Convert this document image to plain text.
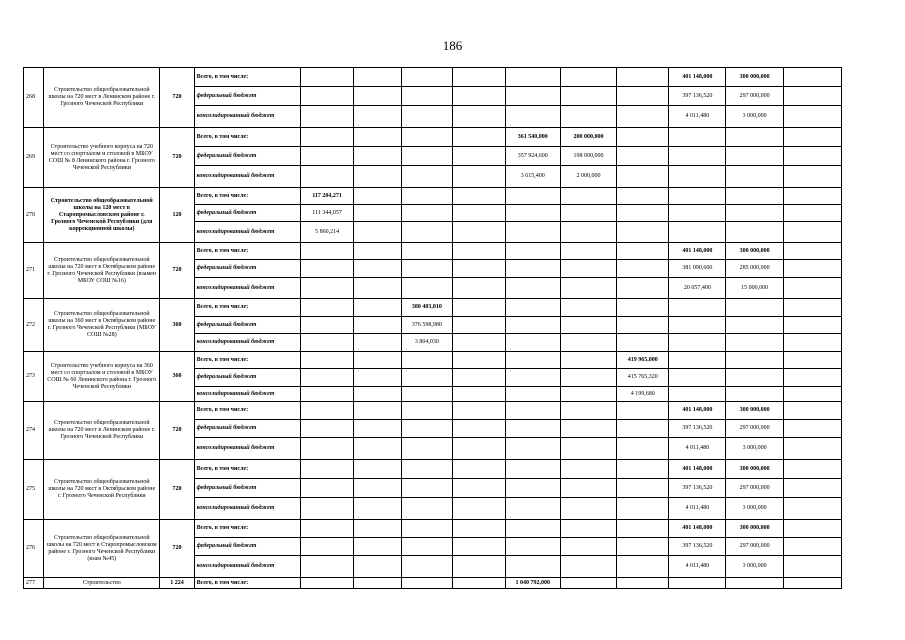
186
268	Строительство общеобразовательной школы на 720 мест в Ленинском районе г. Грозного Чеченской Республики	720	Всего, в том числе:								401 148,000	300 000,000	
			федеральный бюджет								397 136,520	297 000,000	
			консолидированный бюджет								4 011,480	3 000,000	
269	Строительство учебного корпуса на 720 мест со спортзалом и столовой в МБОУ СОШ № 8 Ленинского района г. Грозного Чеченской Республики	720	Всего, в том числе:					361 540,000	200 000,000				
			федеральный бюджет					357 924,600	198 000,000				
			консолидированный бюджет					3 615,400	2 000,000				
270	Строительство общеобразовательной школы на 120 мест в Старопромысловском районе г. Грозного Чеченской Республики (для коррекционной школы)	120	Всего, в том числе:	117 204,271									
			федеральный бюджет	111 344,057									
			консолидированный бюджет	5 860,214									
271	Строительство общеобразовательной школы на 720 мест в Октябрьском районе г. Грозного Чеченской Республики (взамен МБОУ СОШ №16)	720	Всего, в том числе:								401 148,000	300 000,000	
			федеральный бюджет								381 090,600	285 000,000	
			консолидированный бюджет								20 057,400	15 000,000	
272	Строительство общеобразовательной школы на 360 мест в Октябрьском районе г. Грозного Чеченской Республики (МБОУ СОШ №28)	360	Всего, в том числе:			380 403,010							
			федеральный бюджет			376 598,980							
			консолидированный бюджет			3 804,030							
273	Строительство учебного корпуса на 360 мест со спортзалом и столовой в МБОУ СОШ № 60 Ленинского района г. Грозного Чеченской Республики	360	Всего, в том числе:							419 965,000			
			федеральный бюджет							415 765,320			
			консолидированный бюджет							4 199,680			
274	Строительство общеобразовательной школы на 720 мест в Ленинском районе г. Грозного Чеченской Республики	720	Всего, в том числе:								401 148,000	300 000,000	
			федеральный бюджет								397 136,520	297 000,000	
			консолидированный бюджет								4 011,480	3 000,000	
275	Строительство общеобразовательной школы на 720 мест в Октябрьском районе г. Грозного Чеченской Республики	720	Всего, в том числе:								401 148,000	300 000,000	
			федеральный бюджет								397 136,520	297 000,000	
			консолидированный бюджет								4 011,480	3 000,000	
276	Строительство общеобразовательной школы на 720 мест в Старопромысловском районе г. Грозного Чеченской Республики (взам №45)	720	Всего, в том числе:								401 148,000	300 000,000	
			федеральный бюджет								397 136,520	297 000,000	
			консолидированный бюджет								4 011,480	3 000,000	
277	Строительство	1 224	Всего, в том числе:					1 040 792,000					
